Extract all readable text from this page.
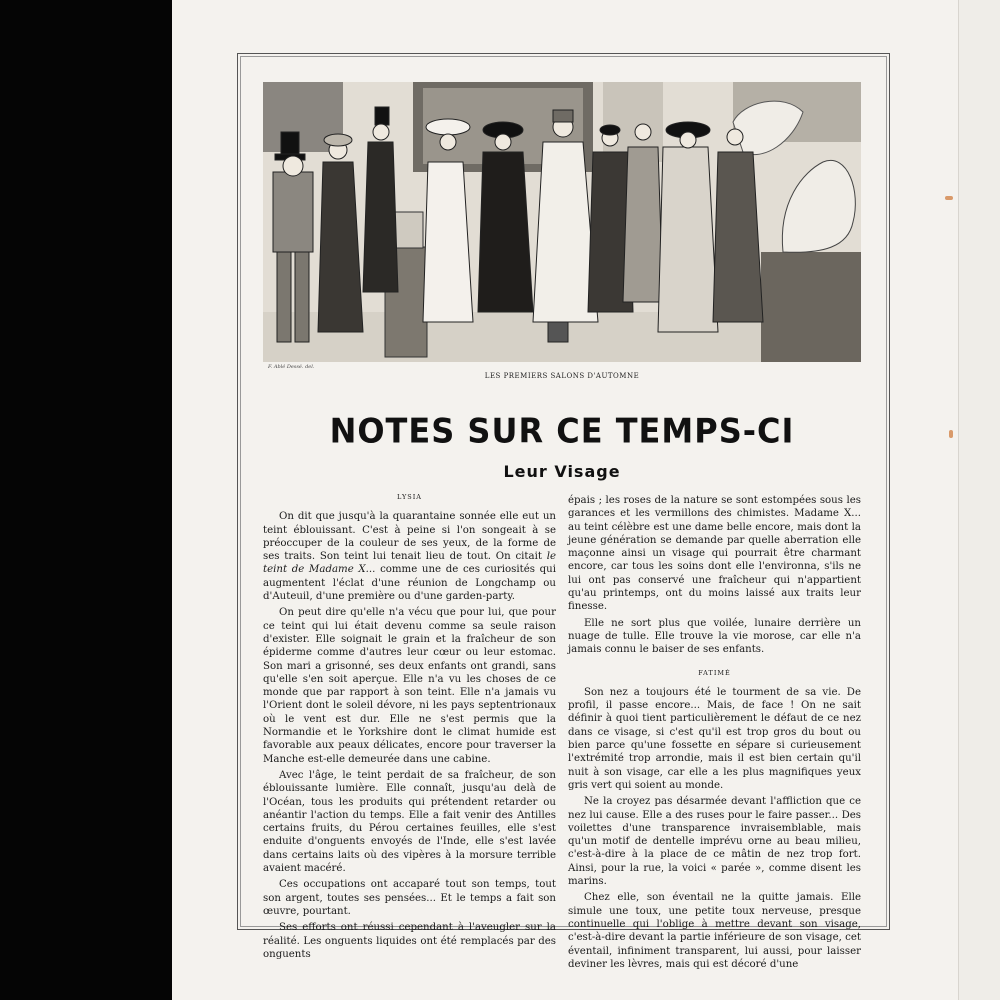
F. Ablé Dessé. del.
LES PREMIERS SALONS D'AUTOMNE
NOTES SUR CE TEMPS-CI
Leur Visage
LYSIA

On dit que jusqu'à la quarantaine sonnée elle eut un teint éblouissant. C'est à peine si l'on songeait à se préoccuper de la couleur de ses yeux, de la forme de ses traits. Son teint lui tenait lieu de tout. On citait le teint de Madame X... comme une de ces curiosités qui augmentent l'éclat d'une réunion de Longchamp ou d'Auteuil, d'une première ou d'une garden-party.

On peut dire qu'elle n'a vécu que pour lui, que pour ce teint qui lui était devenu comme sa seule raison d'exister. Elle soignait le grain et la fraîcheur de son épiderme comme d'autres leur cœur ou leur estomac. Son mari a grisonné, ses deux enfants ont grandi, sans qu'elle s'en soit aperçue. Elle n'a vu les choses de ce monde que par rapport à son teint. Elle n'a jamais vu l'Orient dont le soleil dévore, ni les pays septentrionaux où le vent est dur. Elle ne s'est permis que la Normandie et le Yorkshire dont le climat humide est favorable aux peaux délicates, encore pour traverser la Manche est-elle demeurée dans une cabine.

Avec l'âge, le teint perdait de sa fraîcheur, de son éblouissante lumière. Elle connaît, jusqu'au delà de l'Océan, tous les produits qui prétendent retarder ou anéantir l'action du temps. Elle a fait venir des Antilles certains fruits, du Pérou certaines feuilles, elle s'est enduite d'onguents envoyés de l'Inde, elle s'est lavée dans certains laits où des vipères à la morsure terrible avaient macéré.

Ces occupations ont accaparé tout son temps, tout son argent, toutes ses pensées... Et le temps a fait son œuvre, pourtant.

Ses efforts ont réussi cependant à l'aveugler sur la réalité. Les onguents liquides ont été remplacés par des onguents

épais ; les roses de la nature se sont estompées sous les garances et les vermillons des chimistes. Madame X... au teint célèbre est une dame belle encore, mais dont la jeune génération se demande par quelle aberration elle maçonne ainsi un visage qui pourrait être charmant encore, car tous les soins dont elle l'environna, s'ils ne lui ont pas conservé une fraîcheur qui n'appartient qu'au printemps, ont du moins laissé aux traits leur finesse.

Elle ne sort plus que voilée, lunaire derrière un nuage de tulle. Elle trouve la vie morose, car elle n'a jamais connu le baiser de ses enfants.

FATIMÉ

Son nez a toujours été le tourment de sa vie. De profil, il passe encore... Mais, de face ! On ne sait définir à quoi tient particulièrement le défaut de ce nez dans ce visage, si c'est qu'il est trop gros du bout ou bien parce qu'une fossette en sépare si curieusement l'extrémité trop arrondie, mais il est bien certain qu'il nuit à son visage, car elle a les plus magnifiques yeux gris vert qui soient au monde.

Ne la croyez pas désarmée devant l'affliction que ce nez lui cause. Elle a des ruses pour le faire passer... Des voilettes d'une transparence invraisemblable, mais qu'un motif de dentelle imprévu orne au beau milieu, c'est-à-dire à la place de ce mâtin de nez trop fort. Ainsi, pour la rue, la voici « parée », comme disent les marins.

Chez elle, son éventail ne la quitte jamais. Elle simule une toux, une petite toux nerveuse, presque continuelle qui l'oblige à mettre devant son visage, c'est-à-dire devant la partie inférieure de son visage, cet éventail, infiniment transparent, lui aussi, pour laisser deviner les lèvres, mais qui est décoré d'une
